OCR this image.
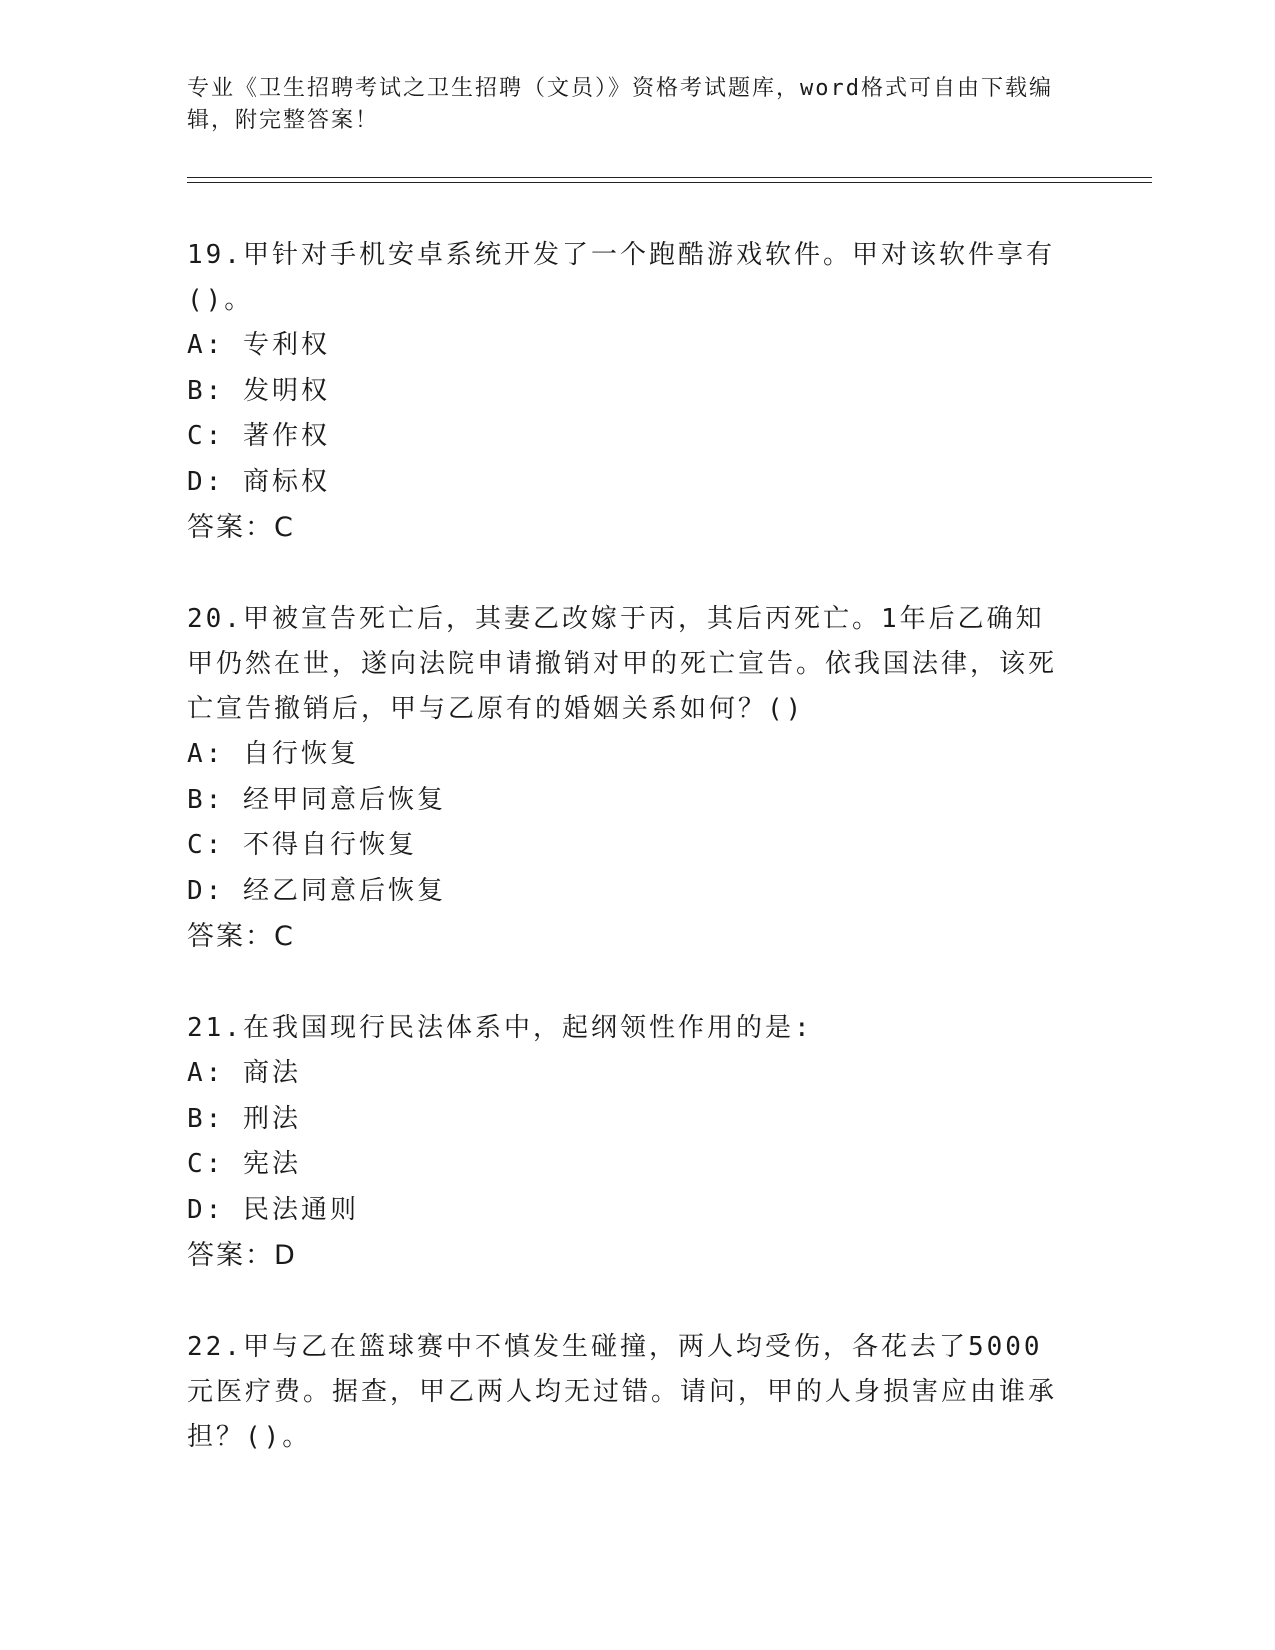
专业《卫生招聘考试之卫生招聘（文员）》资格考试题库，word格式可自由下载编辑，附完整答案！

19.甲针对手机安卓系统开发了一个跑酷游戏软件。甲对该软件享有()。

A: 专利权

B: 发明权

C: 著作权

D: 商标权

答案：C

20.甲被宣告死亡后，其妻乙改嫁于丙，其后丙死亡。1年后乙确知甲仍然在世，遂向法院申请撤销对甲的死亡宣告。依我国法律，该死亡宣告撤销后，甲与乙原有的婚姻关系如何？()

A: 自行恢复

B: 经甲同意后恢复

C: 不得自行恢复

D: 经乙同意后恢复

答案：C

21.在我国现行民法体系中，起纲领性作用的是:

A: 商法

B: 刑法

C: 宪法

D: 民法通则

答案：D

22.甲与乙在篮球赛中不慎发生碰撞，两人均受伤，各花去了5000元医疗费。据查，甲乙两人均无过错。请问，甲的人身损害应由谁承担？()。
